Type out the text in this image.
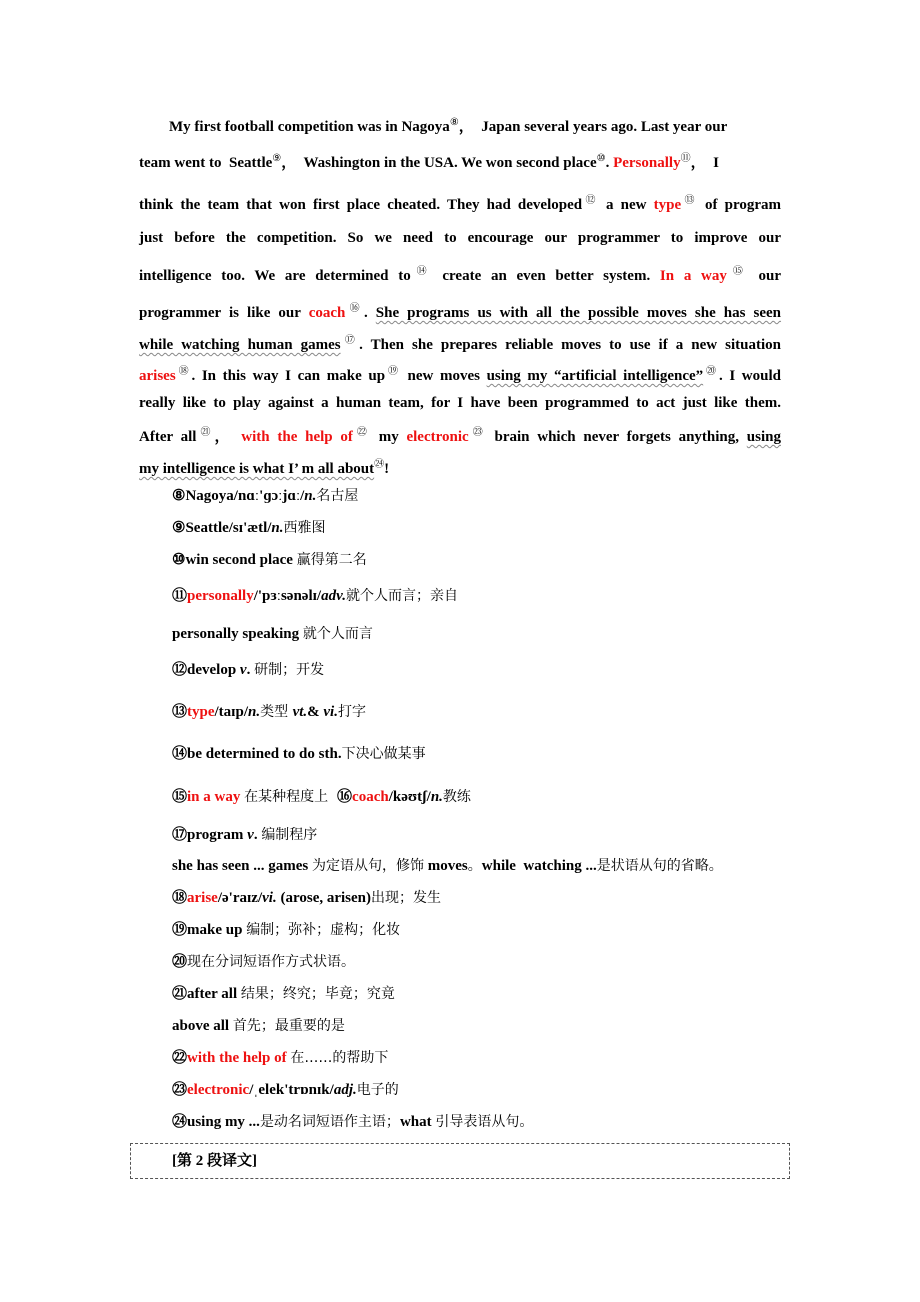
　　My first football competition was in Nagoya⑧，  Japan several years ago. Last year our
team went to  Seattle⑨，  Washington in the USA. We won second place⑩. Personally⑪，  I
think the team that won first place cheated. They had developed⑫ a new type⑬ of program
just before the competition. So we need to encourage our programmer to improve our
intelligence too. We are determined to⑭ create an even better system. In a way⑮ our
programmer is like our coach⑯. She programs us with all the possible moves she has seen
while watching human games⑰. Then she prepares reliable moves to use if a new situation
arises⑱. In this way I can make up⑲ new moves using my “artificial intelligence”⑳. I would
really like to play against a human team, for I have been programmed to act just like them.
After all$^㉑$， with the help $of^㉒$ my electronic$^㉓$ brain which never forgets anything, using
my intelligence is what I’ m all about$^㉔$!
⑧Nagoya/nɑː'ɡɔːjɑː/n.名古屋
⑨Seattle/sɪ'ætl/n.西雅图
⑩win second place 赢得第二名
⑪personally/'pɜːsənəlɪ/adv.就个人而言；亲自
personally speaking 就个人而言
⑫develop v. 研制；开发
⑬type/taɪp/n.类型 vt.& vi.打字
⑭be determined to do sth.下决心做某事
⑮in a way 在某种程度上  ⑯coach/kəʊtʃ/n.教练
⑰program v. 编制程序
she has seen ... games 为定语从句，修饰 moves。while  watching ...是状语从句的省略。
⑱arise/ə'raɪz/vi. (arose, arisen)出现；发生
⑲make up 编制；弥补；虚构；化妆
⑳现在分词短语作方式状语。
㉑after all 结果；终究；毕竟；究竟
above all 首先；最重要的是
㉒with the help of 在……的帮助下
㉓electronic/ˌelek'trɒnɪk/adj.电子的
㉔using my ...是动名词短语作主语；what 引导表语从句。
[第 2 段译文]
